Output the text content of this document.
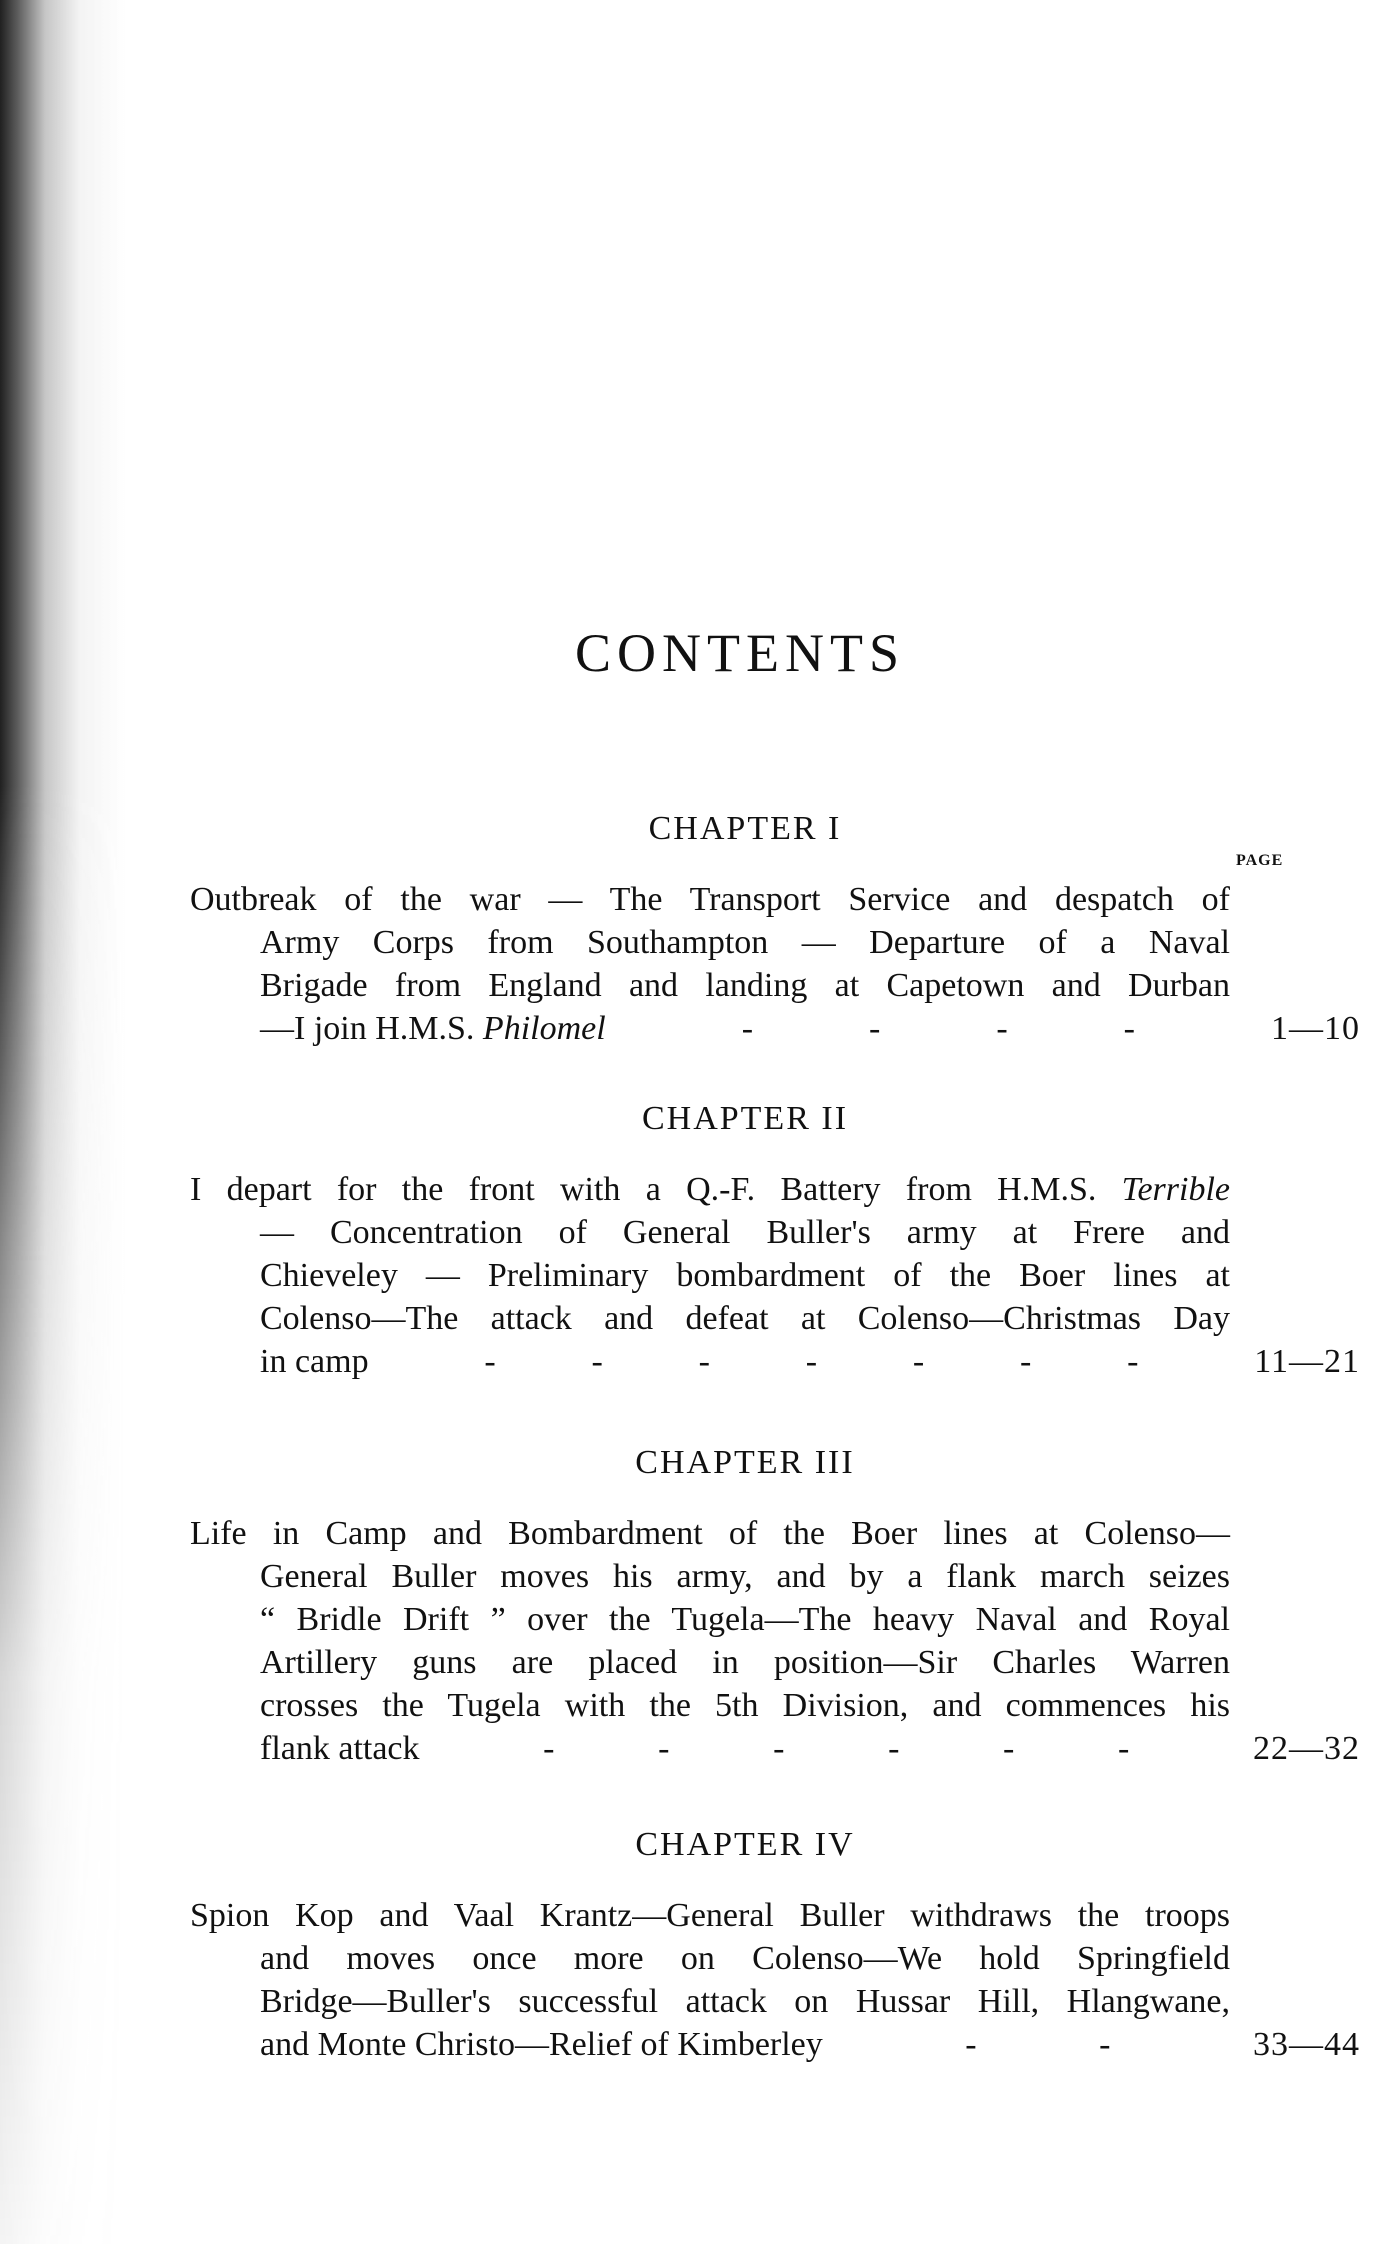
CONTENTS
CHAPTER I
PAGE
Outbreak of the war — The Transport Service and despatch of
Army Corps from Southampton — Departure of a Naval
Brigade from England and landing at Capetown and Durban
—I join H.M.S. Philomel	-	-	-	-	1—10
CHAPTER II
I depart for the front with a Q.-F. Battery from H.M.S. Terrible
— Concentration of General Buller's army at Frere and
Chieveley — Preliminary bombardment of the Boer lines at
Colenso—The attack and defeat at Colenso—Christmas Day
in camp	-	-	-	-	-	-	-	11—21
CHAPTER III
Life in Camp and Bombardment of the Boer lines at Colenso—
General Buller moves his army, and by a flank march seizes
“ Bridle Drift ” over the Tugela—The heavy Naval and Royal
Artillery guns are placed in position—Sir Charles Warren
crosses the Tugela with the 5th Division, and commences his
flank attack	-	-	-	-	-	-	22—32
CHAPTER IV
Spion Kop and Vaal Krantz—General Buller withdraws the troops
and moves once more on Colenso—We hold Springfield
Bridge—Buller's successful attack on Hussar Hill, Hlangwane,
and Monte Christo—Relief of Kimberley	-	-	33—44
